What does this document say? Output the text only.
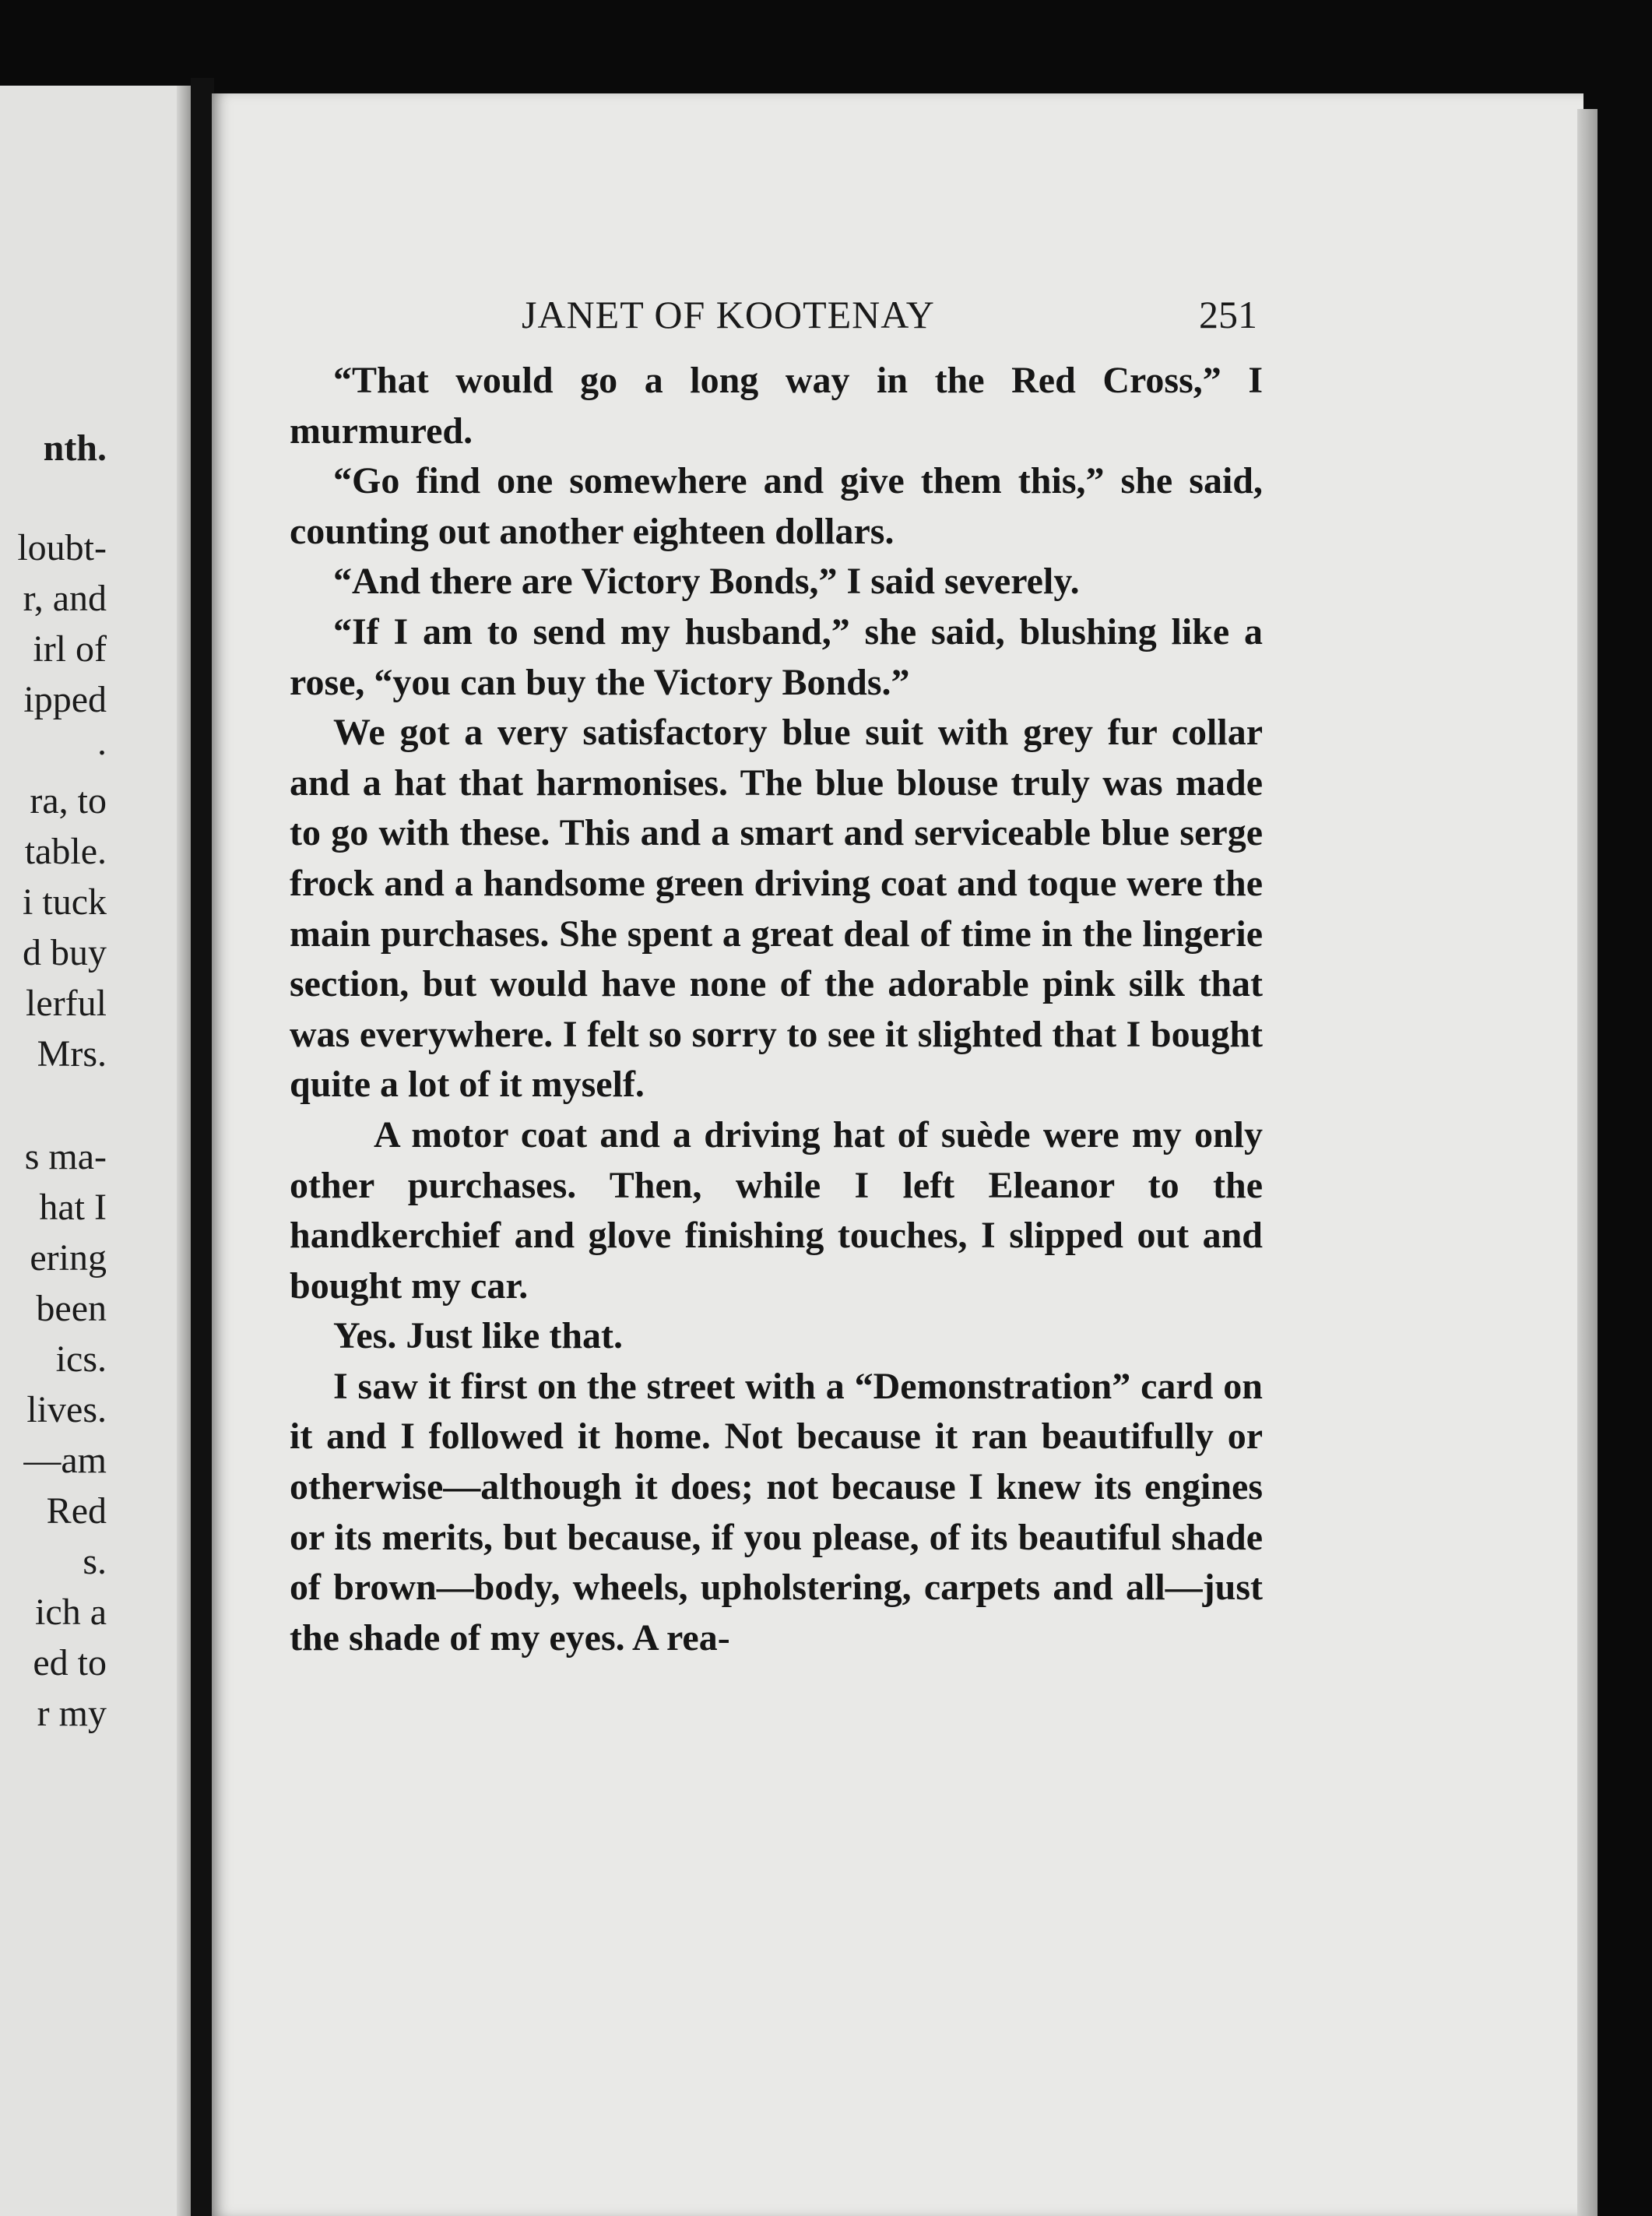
nth.
loubt-
r, and
irl of
ipped
.
ra, to
table.
i tuck
d buy
lerful
Mrs.
s ma-
hat I
ering
been
ics.
lives.
—am
Red
s.
ich a
ed to
r my
JANET OF KOOTENAY	251

“That would go a long way in the Red Cross,” I murmured.

“Go find one somewhere and give them this,” she said, counting out another eighteen dollars.

“And there are Victory Bonds,” I said severely.

“If I am to send my husband,” she said, blushing like a rose, “you can buy the Victory Bonds.”

We got a very satisfactory blue suit with grey fur collar and a hat that harmonises. The blue blouse truly was made to go with these. This and a smart and serviceable blue serge frock and a handsome green driving coat and toque were the main purchases. She spent a great deal of time in the lingerie section, but would have none of the adorable pink silk that was everywhere. I felt so sorry to see it slighted that I bought quite a lot of it myself.

A motor coat and a driving hat of suède were my only other purchases. Then, while I left Eleanor to the handkerchief and glove finishing touches, I slipped out and bought my car.

Yes. Just like that.

I saw it first on the street with a “Demonstration” card on it and I followed it home. Not because it ran beautifully or otherwise—although it does; not because I knew its engines or its merits, but because, if you please, of its beautiful shade of brown—body, wheels, upholstering, carpets and all—just the shade of my eyes. A rea-
